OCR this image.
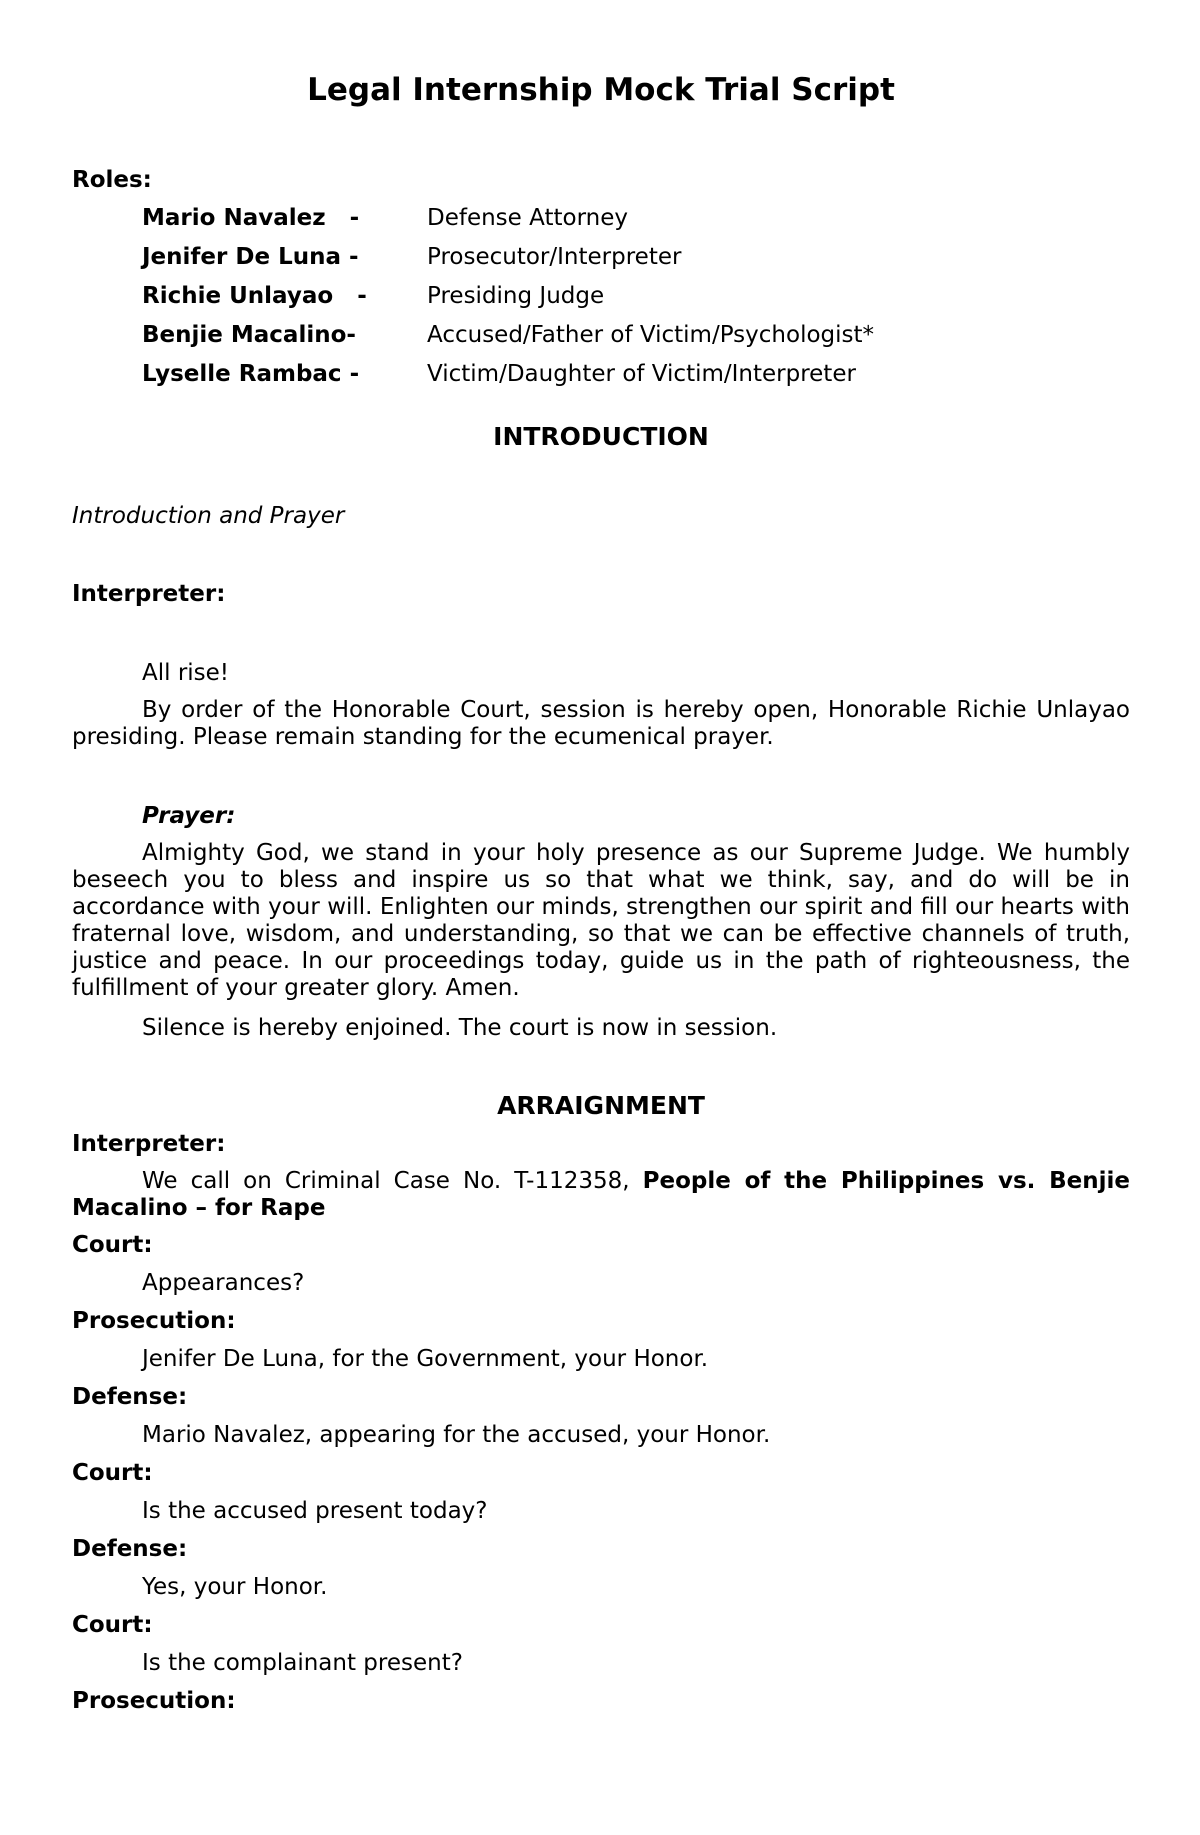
Legal Internship Mock Trial Script
Roles:
Mario Navalez -	Defense Attorney
Jenifer De Luna -	Prosecutor/Interpreter
Richie Unlayao -	Presiding Judge
Benjie Macalino-	Accused/Father of Victim/Psychologist*
Lyselle Rambac -	Victim/Daughter of Victim/Interpreter
INTRODUCTION
Introduction and Prayer
Interpreter:
All rise!

By order of the Honorable Court, session is hereby open, Honorable Richie Unlayao presiding. Please remain standing for the ecumenical prayer.

Prayer:

Almighty God, we stand in your holy presence as our Supreme Judge. We humbly beseech you to bless and inspire us so that what we think, say, and do will be in accordance with your will. Enlighten our minds, strengthen our spirit and fill our hearts with fraternal love, wisdom, and understanding, so that we can be effective channels of truth, justice and peace. In our proceedings today, guide us in the path of righteousness, the fulfillment of your greater glory. Amen.

Silence is hereby enjoined. The court is now in session.
ARRAIGNMENT
Interpreter:

We call on Criminal Case No. T-112358, People of the Philippines vs. Benjie Macalino – for Rape

Court:
Appearances?
Prosecution:
Jenifer De Luna, for the Government, your Honor.
Defense:
Mario Navalez, appearing for the accused, your Honor.
Court:
Is the accused present today?
Defense:
Yes, your Honor.
Court:
Is the complainant present?
Prosecution:
